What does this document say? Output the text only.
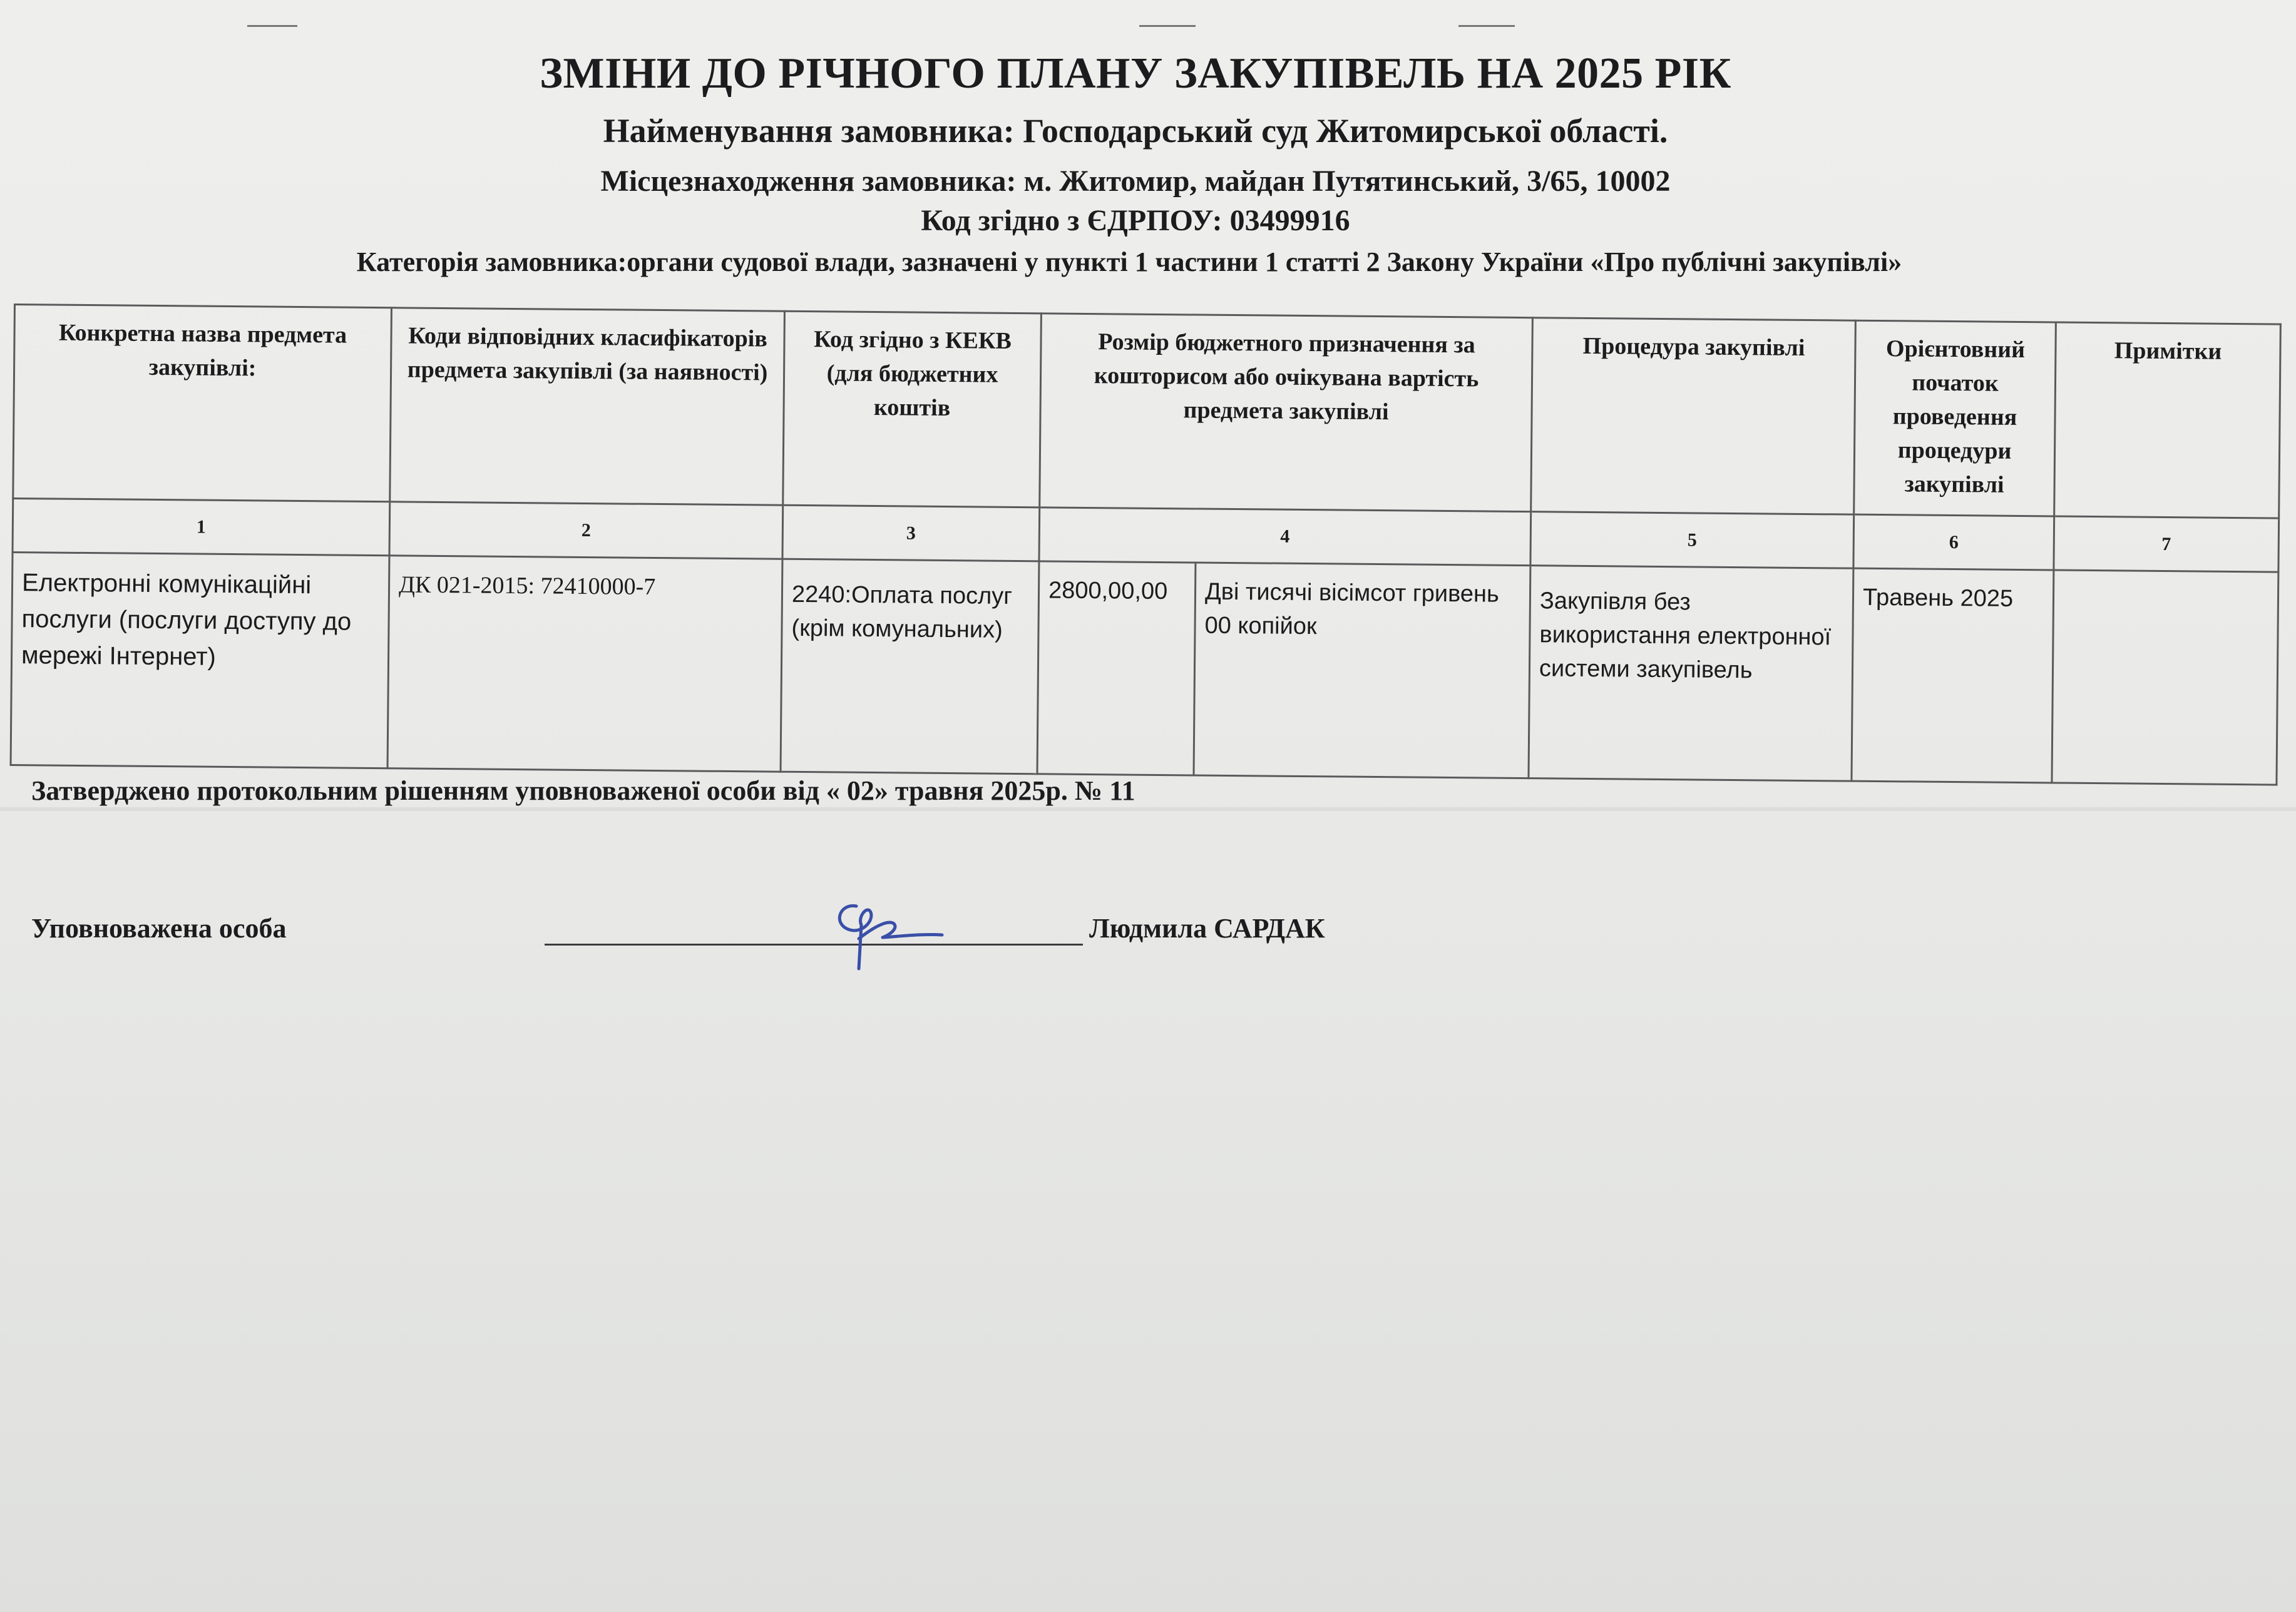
ЗМІНИ ДО РІЧНОГО ПЛАНУ ЗАКУПІВЕЛЬ НА 2025 РІК
Найменування замовника: Господарський суд Житомирської області.
Місцезнаходження замовника: м. Житомир, майдан Путятинський, 3/65, 10002
Код згідно з ЄДРПОУ: 03499916
Категорія замовника:органи судової влади, зазначені у пункті 1 частини 1 статті 2 Закону України «Про публічні закупівлі»
Конкретна назва предмета закупівлі:	Коди відповідних класифікаторів предмета закупівлі (за наявності)	Код згідно з КЕКВ (для бюджетних коштів	Розмір бюджетного призначення за кошторисом або очікувана вартість предмета закупівлі		Процедура закупівлі	Орієнтовний початок проведення процедури закупівлі	Примітки
1	2	3	4		5	6	7
Електронні комунікаційні послуги (послуги доступу до мережі Інтернет)	ДК 021-2015: 72410000-7	2240:Оплата послуг (крім комунальних)	2800,00,00	Дві тисячі вісімсот гривень 00 копійок	Закупівля без використання електронної системи закупівель	Травень 2025	
Затверджено протокольним рішенням уповноваженої особи від « 02» травня 2025р. № 11
Уповноважена особа	Людмила САРДАК
